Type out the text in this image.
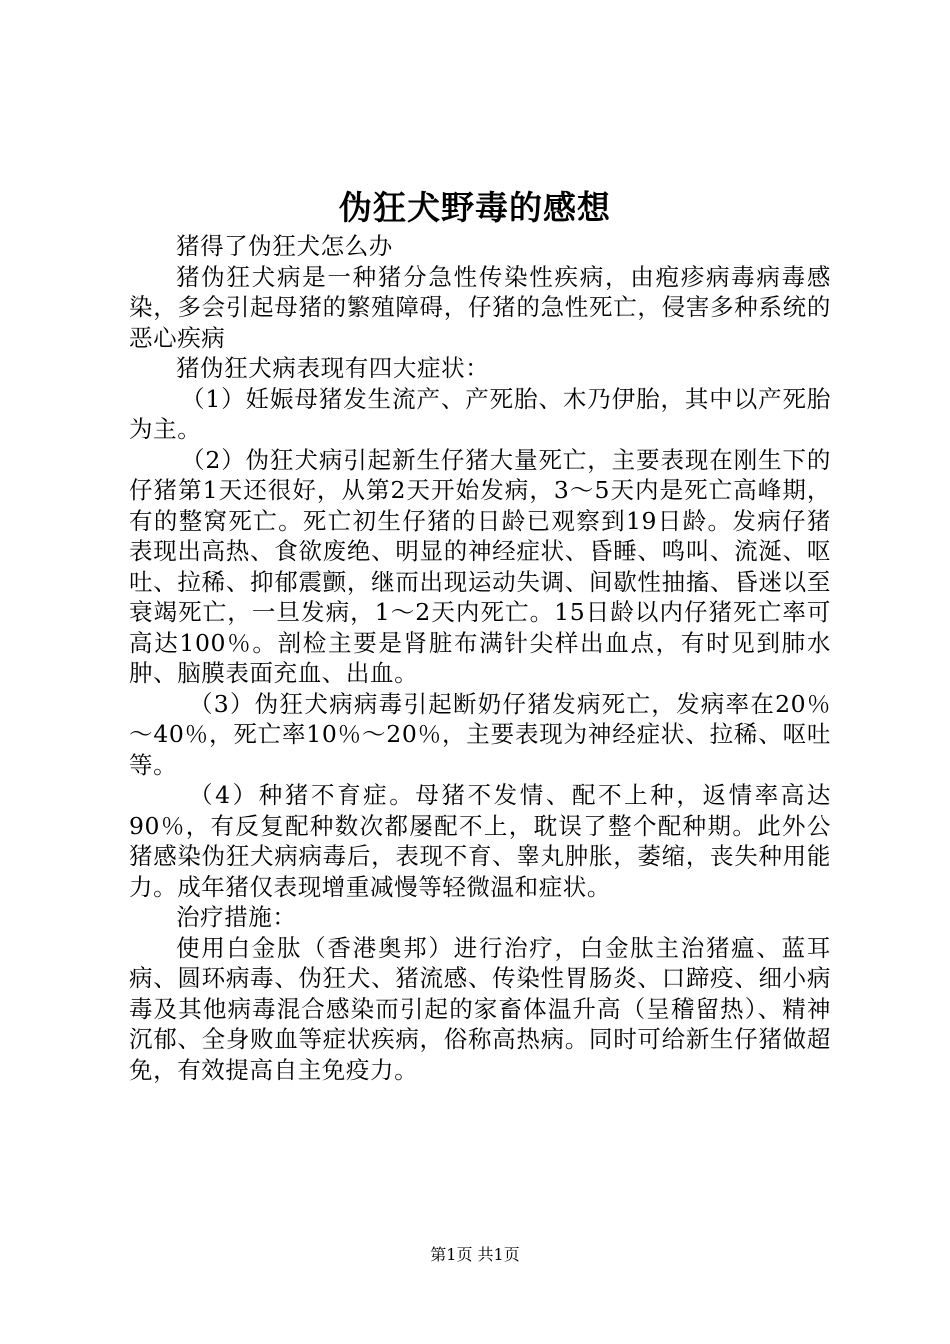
伪狂犬野毒的感想

猪得了伪狂犬怎么办

猪伪狂犬病是一种猪分急性传染性疾病，由疱疹病毒病毒感染，多会引起母猪的繁殖障碍，仔猪的急性死亡，侵害多种系统的恶心疾病

猪伪狂犬病表现有四大症状：

（1）妊娠母猪发生流产、产死胎、木乃伊胎，其中以产死胎为主。

（2）伪狂犬病引起新生仔猪大量死亡，主要表现在刚生下的仔猪第1天还很好，从第2天开始发病，3～5天内是死亡高峰期，有的整窝死亡。死亡初生仔猪的日龄已观察到19日龄。发病仔猪表现出高热、食欲废绝、明显的神经症状、昏睡、鸣叫、流涎、呕吐、拉稀、抑郁震颤，继而出现运动失调、间歇性抽搐、昏迷以至衰竭死亡，一旦发病，1～2天内死亡。15日龄以内仔猪死亡率可高达100％。剖检主要是肾脏布满针尖样出血点，有时见到肺水肿、脑膜表面充血、出血。

（3）伪狂犬病病毒引起断奶仔猪发病死亡，发病率在20％～40％，死亡率10％～20％，主要表现为神经症状、拉稀、呕吐等。

（4）种猪不育症。母猪不发情、配不上种，返情率高达90％，有反复配种数次都屡配不上，耽误了整个配种期。此外公猪感染伪狂犬病病毒后，表现不育、睾丸肿胀，萎缩，丧失种用能力。成年猪仅表现增重减慢等轻微温和症状。

治疗措施：

使用白金肽（香港奥邦）进行治疗，白金肽主治猪瘟、蓝耳病、圆环病毒、伪狂犬、猪流感、传染性胃肠炎、口蹄疫、细小病毒及其他病毒混合感染而引起的家畜体温升高（呈稽留热）、精神沉郁、全身败血等症状疾病，俗称高热病。同时可给新生仔猪做超免，有效提高自主免疫力。

第1页 共1页
